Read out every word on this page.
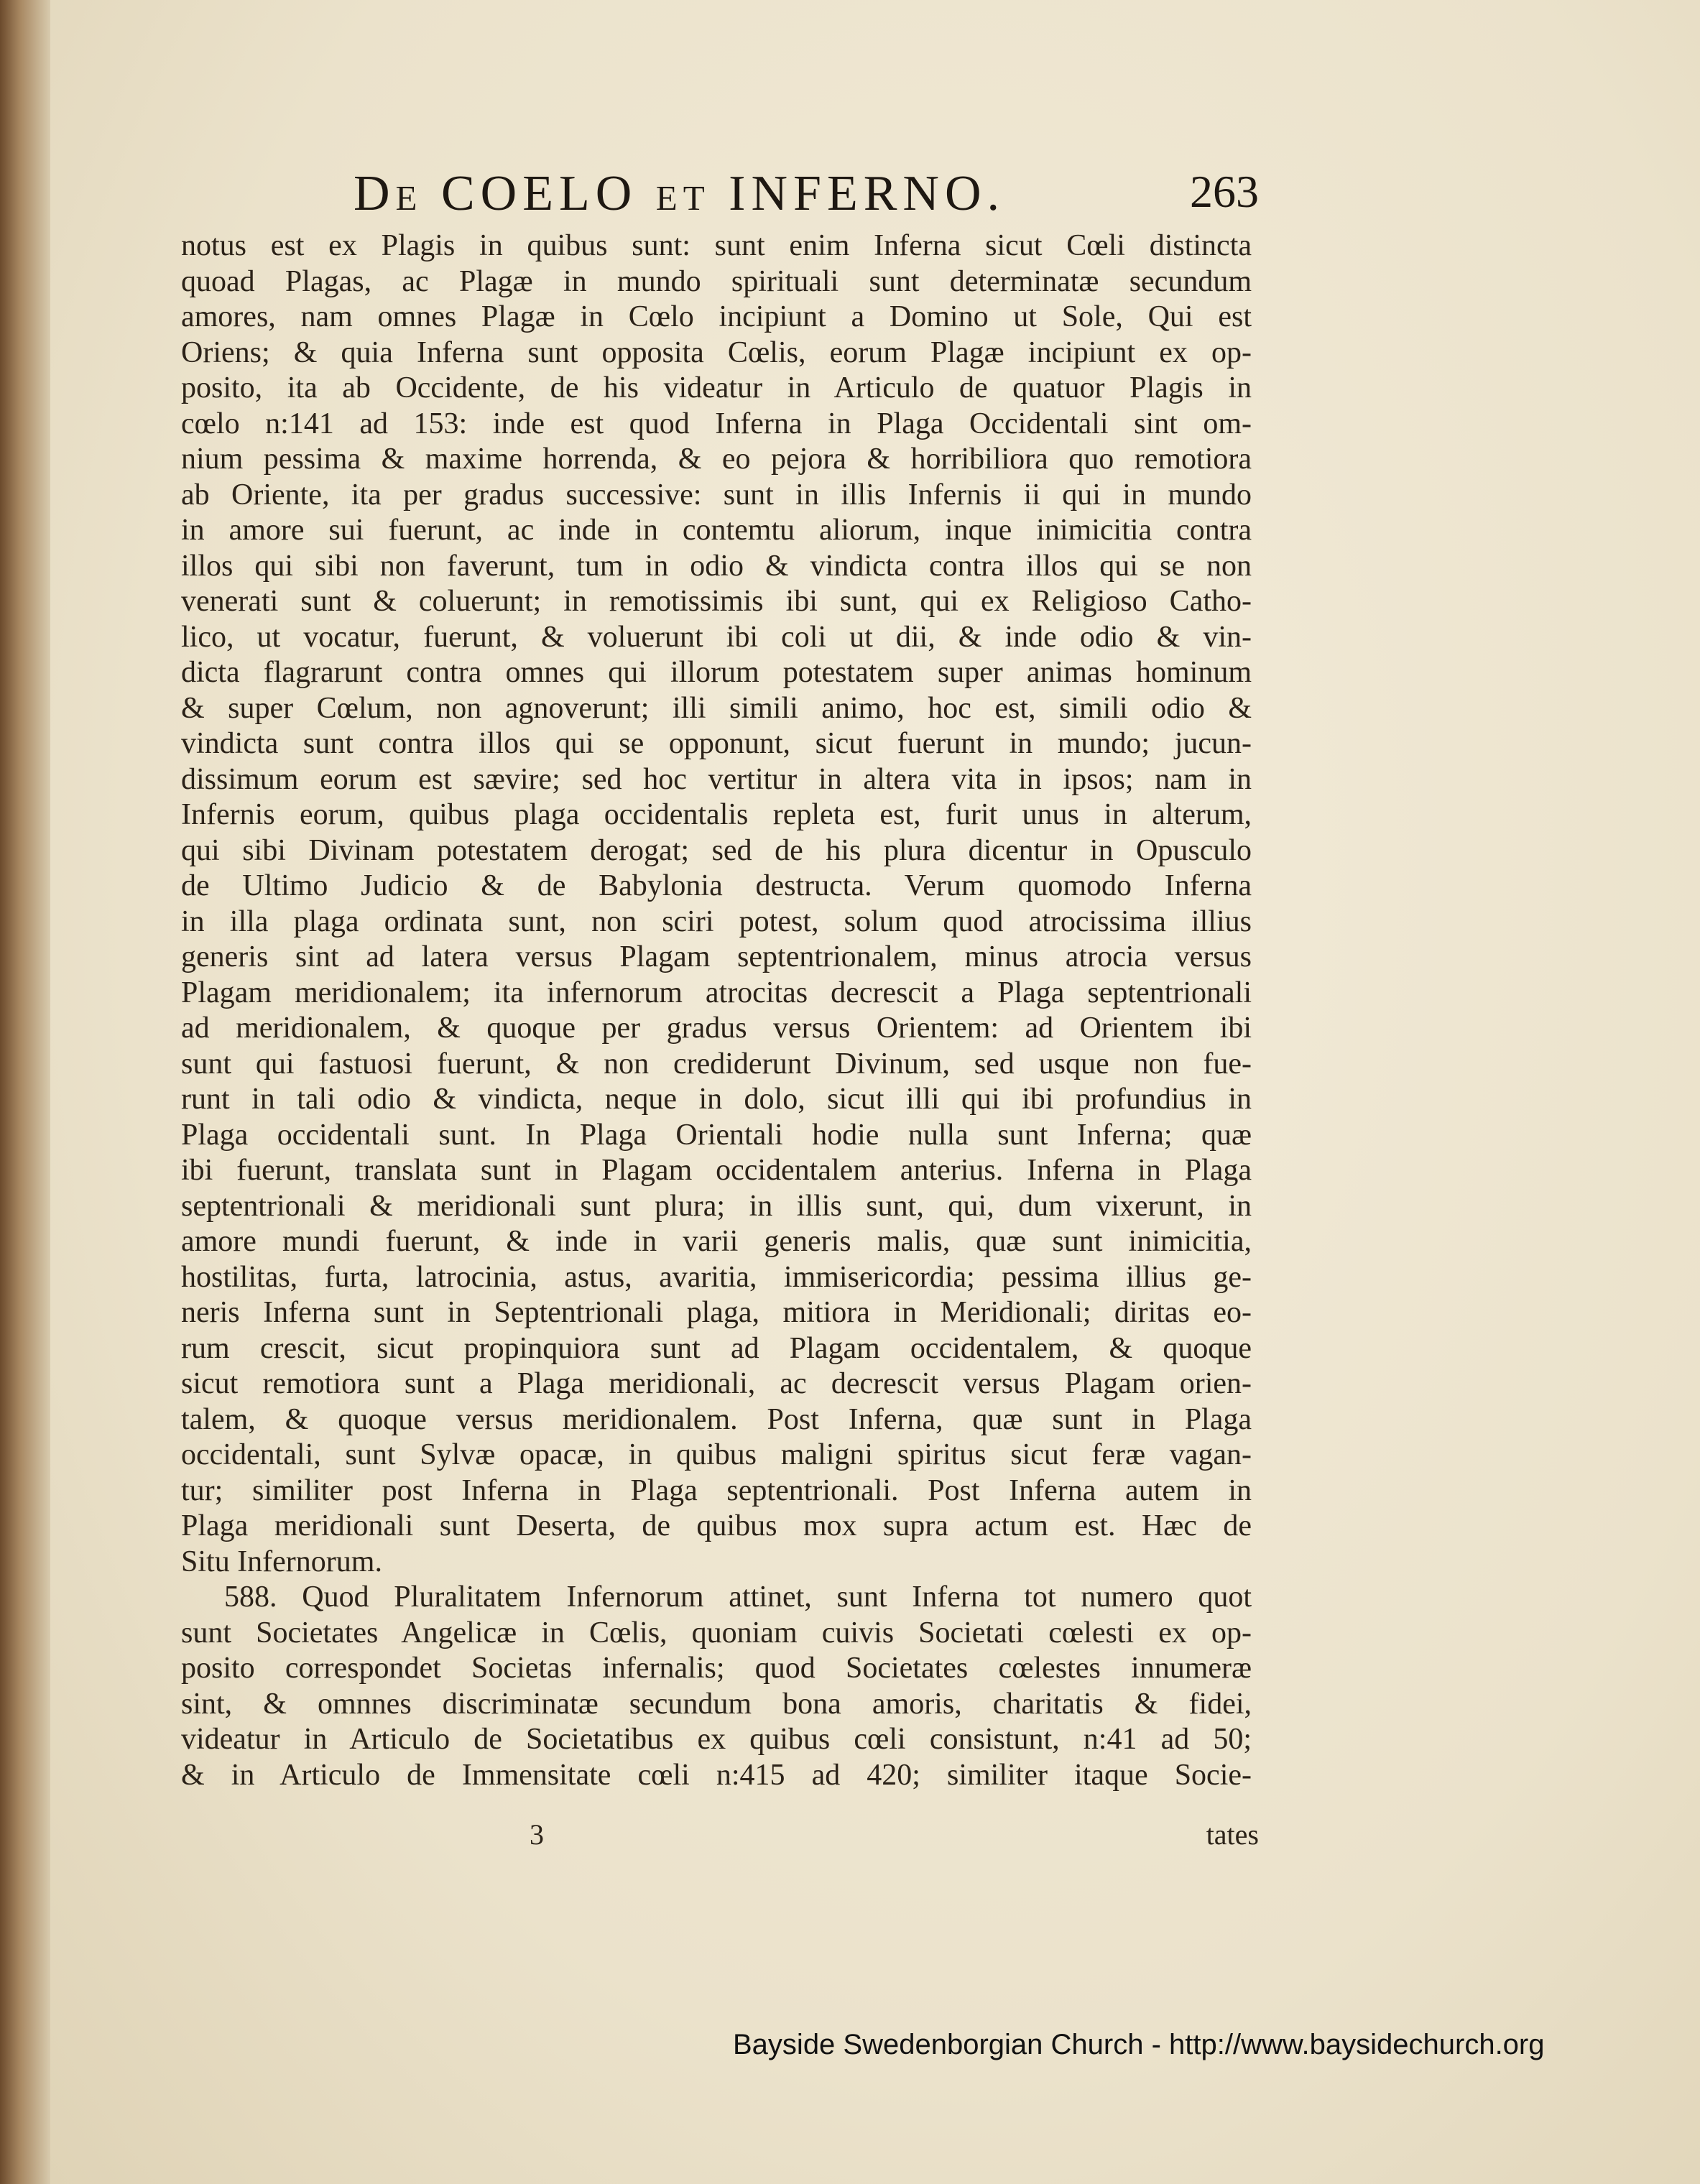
De COELO et INFERNO.	263
notus est ex Plagis in quibus sunt: sunt enim Inferna sicut Cœli distincta
quoad Plagas, ac Plagæ in mundo spirituali sunt determinatæ secundum
amores, nam omnes Plagæ in Cœlo incipiunt a Domino ut Sole, Qui est
Oriens; & quia Inferna sunt opposita Cœlis, eorum Plagæ incipiunt ex op-
posito, ita ab Occidente, de his videatur in Articulo de quatuor Plagis in
cœlo n:141 ad 153: inde est quod Inferna in Plaga Occidentali sint om-
nium pessima & maxime horrenda, & eo pejora & horribiliora quo remotiora
ab Oriente, ita per gradus successive: sunt in illis Infernis ii qui in mundo
in amore sui fuerunt, ac inde in contemtu aliorum, inque inimicitia contra
illos qui sibi non faverunt, tum in odio & vindicta contra illos qui se non
venerati sunt & coluerunt; in remotissimis ibi sunt, qui ex Religioso Catho-
lico, ut vocatur, fuerunt, & voluerunt ibi coli ut dii, & inde odio & vin-
dicta flagrarunt contra omnes qui illorum potestatem super animas hominum
& super Cœlum, non agnoverunt; illi simili animo, hoc est, simili odio &
vindicta sunt contra illos qui se opponunt, sicut fuerunt in mundo; jucun-
dissimum eorum est sævire; sed hoc vertitur in altera vita in ipsos; nam in
Infernis eorum, quibus plaga occidentalis repleta est, furit unus in alterum,
qui sibi Divinam potestatem derogat; sed de his plura dicentur in Opusculo
de Ultimo Judicio & de Babylonia destructa. Verum quomodo Inferna
in illa plaga ordinata sunt, non sciri potest, solum quod atrocissima illius
generis sint ad latera versus Plagam septentrionalem, minus atrocia versus
Plagam meridionalem; ita infernorum atrocitas decrescit a Plaga septentrionali
ad meridionalem, & quoque per gradus versus Orientem: ad Orientem ibi
sunt qui fastuosi fuerunt, & non crediderunt Divinum, sed usque non fue-
runt in tali odio & vindicta, neque in dolo, sicut illi qui ibi profundius in
Plaga occidentali sunt. In Plaga Orientali hodie nulla sunt Inferna; quæ
ibi fuerunt, translata sunt in Plagam occidentalem anterius. Inferna in Plaga
septentrionali & meridionali sunt plura; in illis sunt, qui, dum vixerunt, in
amore mundi fuerunt, & inde in varii generis malis, quæ sunt inimicitia,
hostilitas, furta, latrocinia, astus, avaritia, immisericordia; pessima illius ge-
neris Inferna sunt in Septentrionali plaga, mitiora in Meridionali; diritas eo-
rum crescit, sicut propinquiora sunt ad Plagam occidentalem, & quoque
sicut remotiora sunt a Plaga meridionali, ac decrescit versus Plagam orien-
talem, & quoque versus meridionalem. Post Inferna, quæ sunt in Plaga
occidentali, sunt Sylvæ opacæ, in quibus maligni spiritus sicut feræ vagan-
tur; similiter post Inferna in Plaga septentrionali. Post Inferna autem in
Plaga meridionali sunt Deserta, de quibus mox supra actum est. Hæc de
Situ Infernorum.
588. Quod Pluralitatem Infernorum attinet, sunt Inferna tot numero quot
sunt Societates Angelicæ in Cœlis, quoniam cuivis Societati cœlesti ex op-
posito correspondet Societas infernalis; quod Societates cœlestes innumeræ
sint, & omnnes discriminatæ secundum bona amoris, charitatis & fidei,
videatur in Articulo de Societatibus ex quibus cœli consistunt, n:41 ad 50;
& in Articulo de Immensitate cœli n:415 ad 420; similiter itaque Socie-
3	tates
Bayside Swedenborgian Church - http://www.baysidechurch.org
